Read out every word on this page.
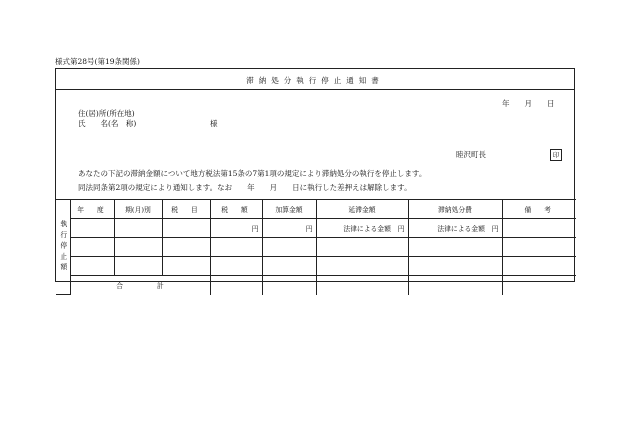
様式第28号(第19条関係)
滞納処分執行停止通知書
年　　月　　日
住(居)所(所在地)
氏　　名(名　称)	様
睦沢町長	印
あなたの下記の滞納金額について地方税法第15条の7第1項の規定により滞納処分の執行を停止します。
同法同条第2項の規定により通知します。なお　　年　　月　　日に執行した差押えは解除します。
執行停止額	年　度	期(月)別	税　目	税　額	加算金額	延滞金額	滞納処分費	備　考
				円	円	法律による金額　円	法律による金額　円	

	合　　　　　計							
